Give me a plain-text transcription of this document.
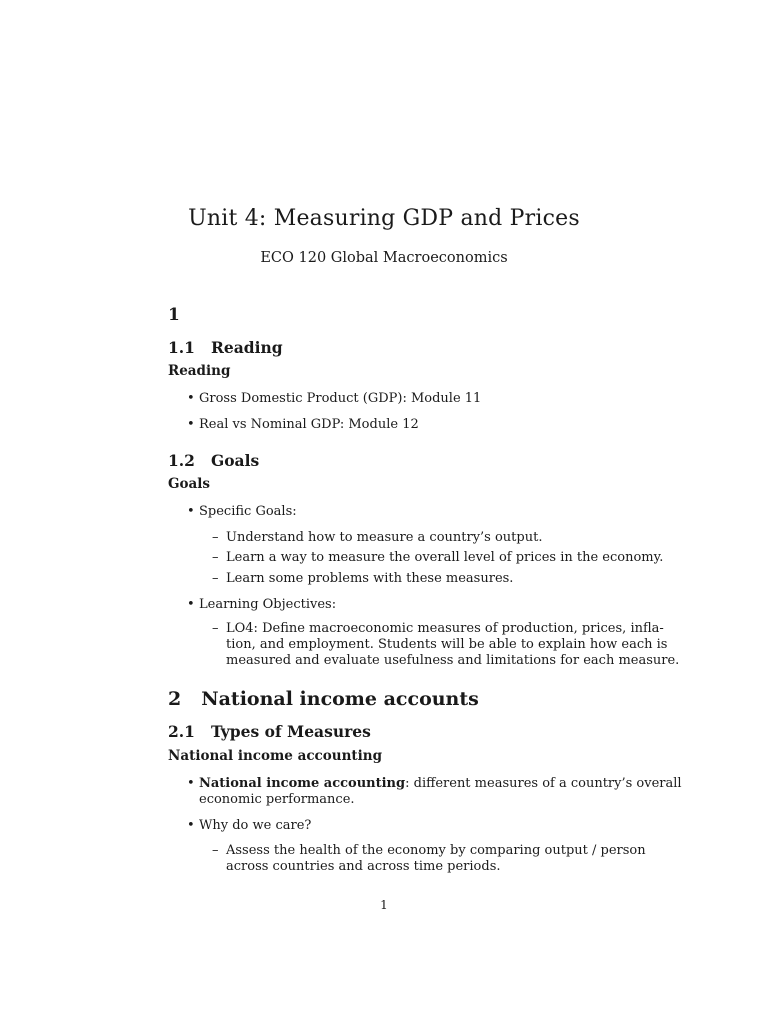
Unit 4: Measuring GDP and Prices
ECO 120 Global Macroeconomics
1
1.1 Reading
Reading
• Gross Domestic Product (GDP): Module 11
• Real vs Nominal GDP: Module 12
1.2 Goals
Goals
• Specific Goals:
– Understand how to measure a country’s output.
– Learn a way to measure the overall level of prices in the economy.
– Learn some problems with these measures.
• Learning Objectives:
– LO4: Define macroeconomic measures of production, prices, infla-
tion, and employment. Students will be able to explain how each is
measured and evaluate usefulness and limitations for each measure.
2 National income accounts
2.1 Types of Measures
National income accounting
• National income accounting: different measures of a country’s overall
economic performance.
• Why do we care?
– Assess the health of the economy by comparing output / person
across countries and across time periods.
1
